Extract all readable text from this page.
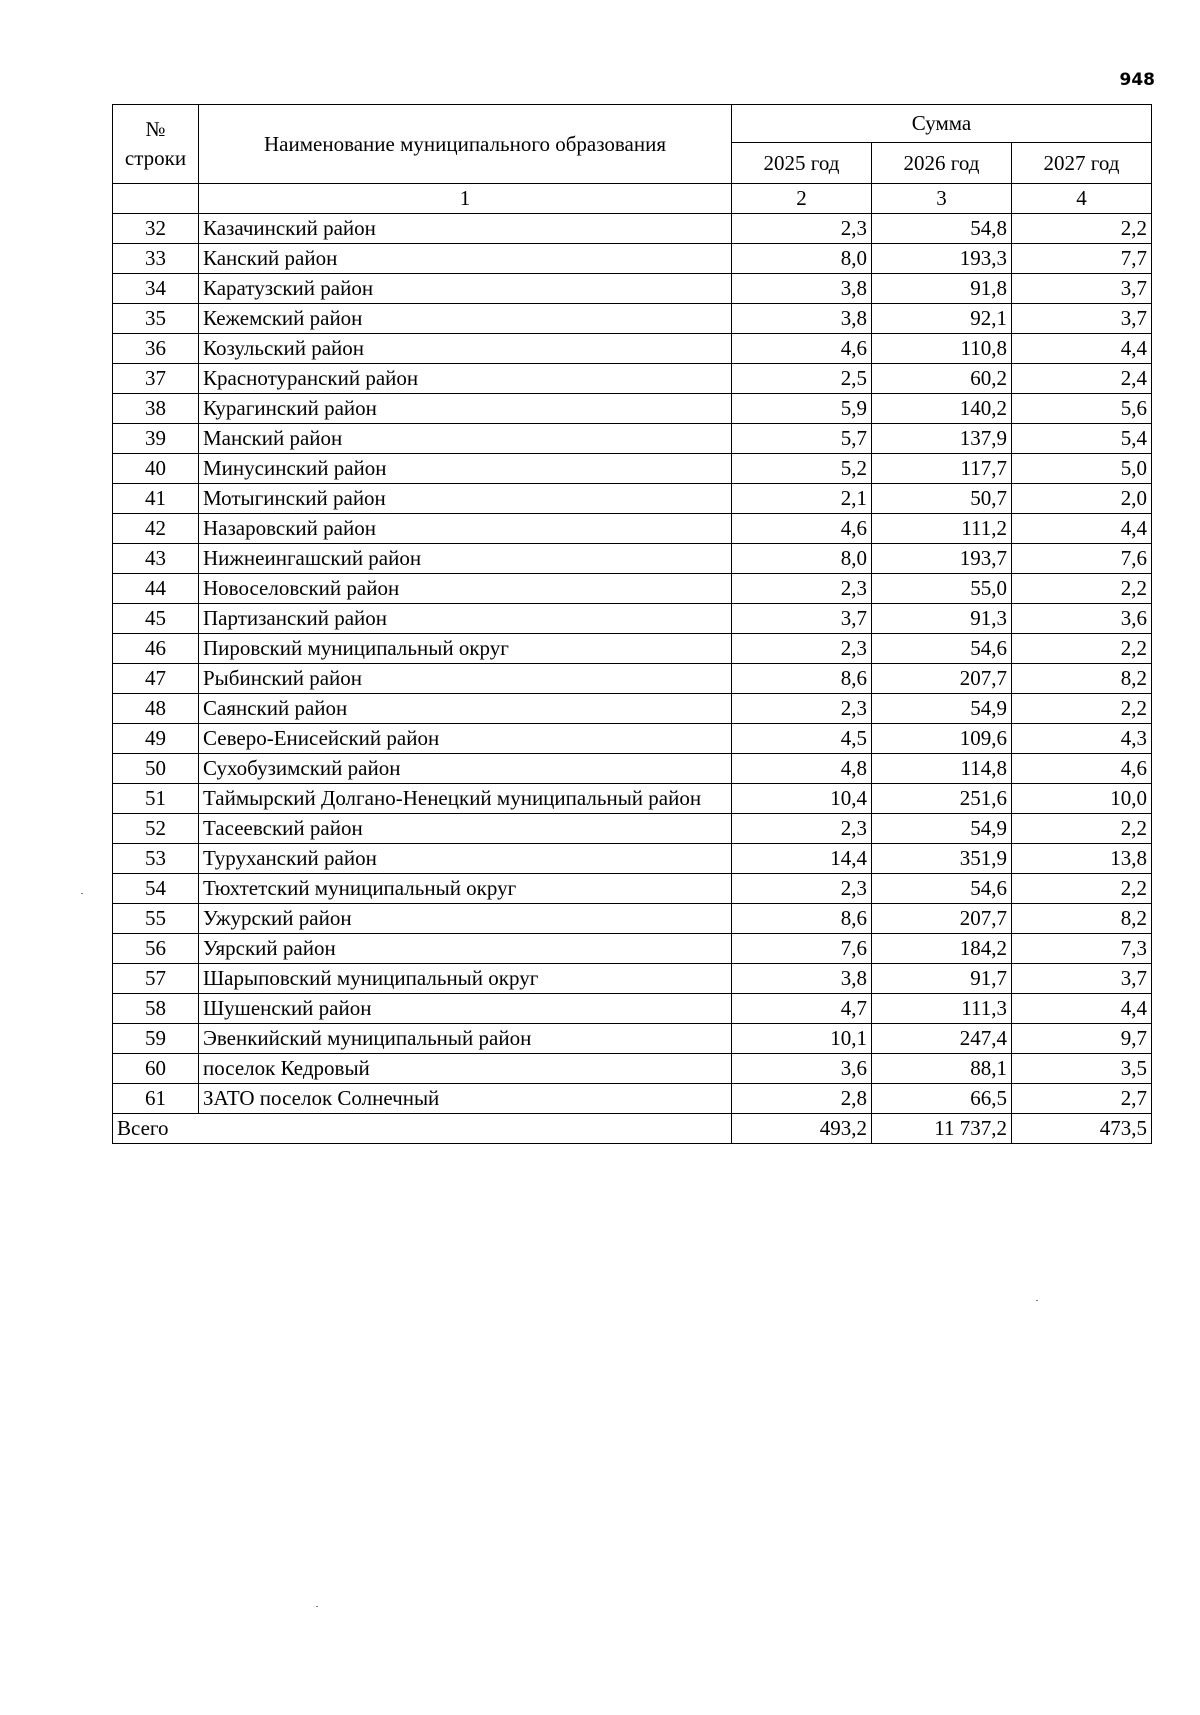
948
№ строки	Наименование муниципального образования	Сумма		
		2025 год	2026 год	2027 год
	1	2	3	4
32	Казачинский район	2,3	54,8	2,2
33	Канский район	8,0	193,3	7,7
34	Каратузский район	3,8	91,8	3,7
35	Кежемский район	3,8	92,1	3,7
36	Козульский район	4,6	110,8	4,4
37	Краснотуранский район	2,5	60,2	2,4
38	Курагинский район	5,9	140,2	5,6
39	Манский район	5,7	137,9	5,4
40	Минусинский район	5,2	117,7	5,0
41	Мотыгинский район	2,1	50,7	2,0
42	Назаровский район	4,6	111,2	4,4
43	Нижнеингашский район	8,0	193,7	7,6
44	Новоселовский район	2,3	55,0	2,2
45	Партизанский район	3,7	91,3	3,6
46	Пировский муниципальный округ	2,3	54,6	2,2
47	Рыбинский район	8,6	207,7	8,2
48	Саянский район	2,3	54,9	2,2
49	Северо-Енисейский район	4,5	109,6	4,3
50	Сухобузимский район	4,8	114,8	4,6
51	Таймырский Долгано-Ненецкий муниципальный район	10,4	251,6	10,0
52	Тасеевский район	2,3	54,9	2,2
53	Туруханский район	14,4	351,9	13,8
54	Тюхтетский муниципальный округ	2,3	54,6	2,2
55	Ужурский район	8,6	207,7	8,2
56	Уярский район	7,6	184,2	7,3
57	Шарыповский муниципальный округ	3,8	91,7	3,7
58	Шушенский район	4,7	111,3	4,4
59	Эвенкийский муниципальный район	10,1	247,4	9,7
60	поселок Кедровый	3,6	88,1	3,5
61	ЗАТО поселок Солнечный	2,8	66,5	2,7
Всего		493,2	11 737,2	473,5
